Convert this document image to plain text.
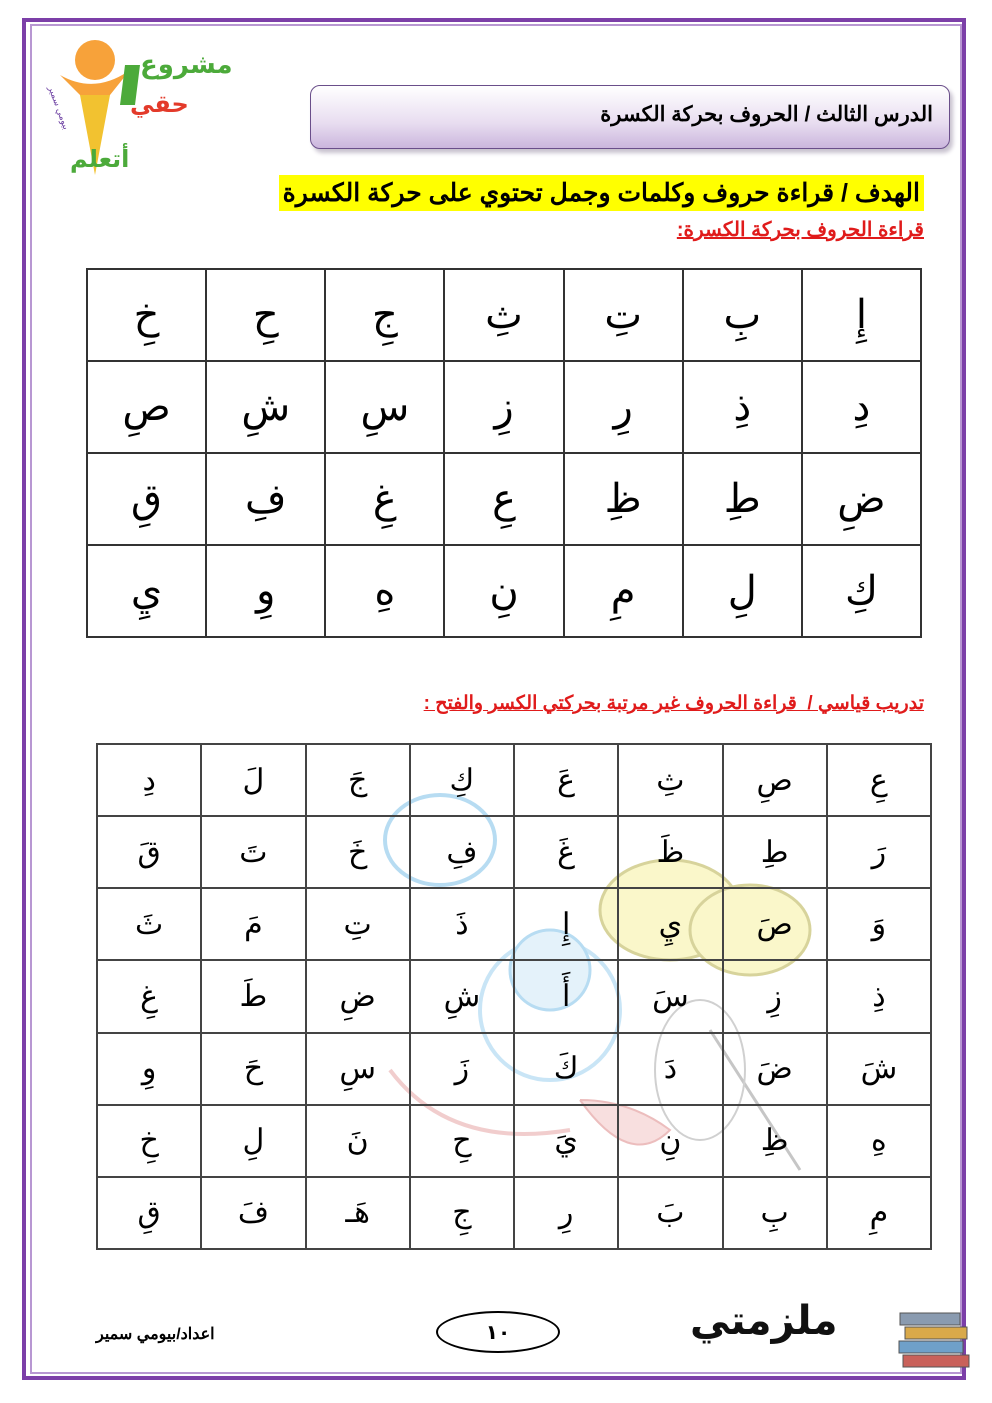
مشروع
حقي
أتعلم
بيومي سمير	الدرس الثالث / الحروف بحركة الكسرة
الهدف / قراءة حروف وكلمات وجمل تحتوي على حركة الكسرة
قراءة الحروف بحركة الكسرة:
إِ	بِ	تِ	ثِ	جِ	حِ	خِ
دِ	ذِ	رِ	زِ	سِ	شِ	صِ
ضِ	طِ	ظِ	عِ	غِ	فِ	قِ
كِ	لِ	مِ	نِ	هِ	وِ	يِ
تدريب قياسي /  قراءة الحروف غير مرتبة بحركتي الكسر والفتح :
عِ	صِ	ثِ	عَ	كِ	جَ	لَ	دِ
رَ	طِ	ظَ	غَ	فِ	خَ	تَ	قَ
وَ	صَ	يِ	إِ	ذَ	تِ	مَ	ثَ
ذِ	زِ	سَ	أَ	شِ	ضِ	طَ	غِ
شَ	ضَ	دَ	كَ	زَ	سِ	حَ	وِ
هِ	ظِ	نِ	يَ	حِ	نَ	لِ	خِ
مِ	بِ	بَ	رِ	جِ	هَـ	فَ	قِ
اعداد/بيومي سمير	١٠	ملزمتي
